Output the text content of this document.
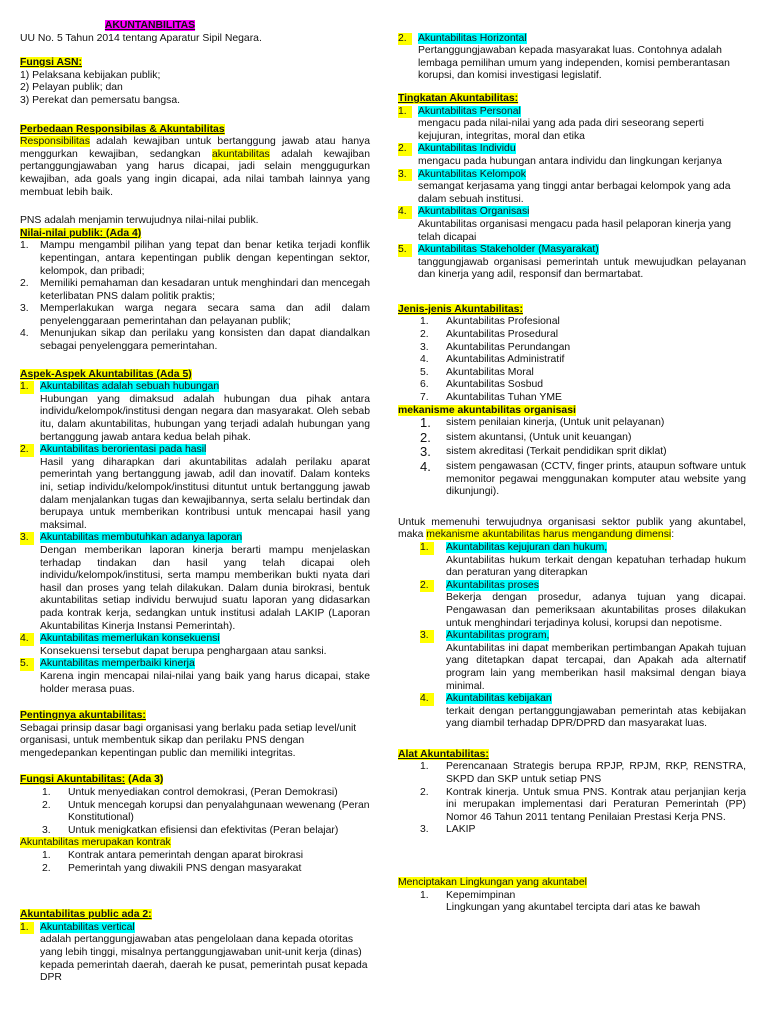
AKUNTANBILITAS

UU No. 5 Tahun 2014 tentang Aparatur Sipil Negara.

Fungsi ASN:

1) Pelaksana kebijakan publik;

2) Pelayan publik; dan

3) Perekat dan pemersatu bangsa.

Perbedaan Responsibilas & Akuntabilitas

Responsibilitas adalah kewajiban untuk bertanggung jawab atau hanya menggurkan kewajiban, sedangkan akuntabilitas adalah kewajiban pertanggungjawaban yang harus dicapai, jadi selain menggugurkan kewajiban, ada goals yang ingin dicapai, ada nilai tambah lainnya yang membuat lebih baik.

PNS adalah menjamin terwujudnya nilai-nilai publik.

Nilai-nilai publik: (Ada 4)

1.	Mampu mengambil pilihan yang tepat dan benar ketika terjadi konflik kepentingan, antara kepentingan publik dengan kepentingan sektor, kelompok, dan pribadi;
2.	Memiliki pemahaman dan kesadaran untuk menghindari dan mencegah keterlibatan PNS dalam politik praktis;
3.	Memperlakukan warga negara secara sama dan adil dalam penyelenggaraan pemerintahan dan pelayanan publik;
4.	Menunjukan sikap dan perilaku yang konsisten dan dapat diandalkan sebagai penyelenggara pemerintahan.

Aspek-Aspek Akuntabilitas (Ada 5)

1.	Akuntabilitas adalah sebuah hubungan
Hubungan yang dimaksud adalah hubungan dua pihak antara individu/kelompok/institusi dengan negara dan masyarakat. Oleh sebab itu, dalam akuntabilitas, hubungan yang terjadi adalah hubungan yang bertanggung jawab antara kedua belah pihak.
2.	Akuntabilitas berorientasi pada hasil
Hasil yang diharapkan dari akuntabilitas adalah perilaku aparat pemerintah yang bertanggung jawab, adil dan inovatif. Dalam konteks ini, setiap individu/kelompok/institusi dituntut untuk bertanggung jawab dalam menjalankan tugas dan kewajibannya, serta selalu bertindak dan berupaya untuk memberikan kontribusi untuk mencapai hasil yang maksimal.
3.	Akuntabilitas membutuhkan adanya laporan
Dengan memberikan laporan kinerja berarti mampu menjelaskan terhadap tindakan dan hasil yang telah dicapai oleh individu/kelompok/institusi, serta mampu memberikan bukti nyata dari hasil dan proses yang telah dilakukan. Dalam dunia birokrasi, bentuk akuntabilitas setiap individu berwujud suatu laporan yang didasarkan pada kontrak kerja, sedangkan untuk institusi adalah LAKIP (Laporan Akuntabilitas Kinerja Instansi Pemerintah).
4.	Akuntabilitas memerlukan konsekuensi
Konsekuensi tersebut dapat berupa penghargaan atau sanksi.
5.	Akuntabilitas memperbaiki kinerja
Karena ingin mencapai nilai-nilai yang baik yang harus dicapai, stake holder merasa puas.

Pentingnya akuntabilitas:

Sebagai prinsip dasar bagi organisasi yang berlaku pada setiap level/unit organisasi, untuk membentuk sikap dan perilaku PNS dengan mengedepankan kepentingan public dan memiliki integritas.

Fungsi Akuntabilitas: (Ada 3)

1.	Untuk menyediakan control demokrasi, (Peran Demokrasi)
2.	Untuk mencegah korupsi dan penyalahgunaan wewenang (Peran Konstitutional)
3.	Untuk menigkatkan efisiensi dan efektivitas (Peran belajar)

Akuntabilitas merupakan kontrak

1.	Kontrak antara pemerintah dengan aparat birokrasi
2.	Pemerintah yang diwakili PNS dengan masyarakat

Akuntabilitas public ada 2:

1.	Akuntabilitas vertical
adalah pertanggungjawaban atas pengelolaan dana kepada otoritas yang lebih tinggi, misalnya pertanggungjawaban unit-unit kerja (dinas) kepada pemerintah daerah, daerah ke pusat, pemerintah pusat kepada DPR

2.	Akuntabilitas Horizontal
Pertanggungjawaban kepada masyarakat luas. Contohnya adalah lembaga pemilihan umum yang independen, komisi pemberantasan korupsi, dan komisi investigasi legislatif.

Tingkatan Akuntabilitas:

1.	Akuntabilitas Personal
mengacu pada nilai-nilai yang ada pada diri seseorang seperti kejujuran, integritas, moral dan etika
2.	Akuntabilitas Individu
mengacu pada hubungan antara individu dan lingkungan kerjanya
3.	Akuntabilitas Kelompok
semangat kerjasama yang tinggi antar berbagai kelompok yang ada dalam sebuah institusi.
4.	Akuntabilitas Organisasi
Akuntabilitas organisasi mengacu pada hasil pelaporan kinerja yang telah dicapai
5.	Akuntabilitas Stakeholder (Masyarakat)

tanggungjawab organisasi pemerintah untuk mewujudkan pelayanan dan kinerja yang adil, responsif dan bermartabat.

Jenis-jenis Akuntabilitas:

1.	Akuntabilitas Profesional
2.	Akuntabilitas Prosedural
3.	Akuntabilitas Perundangan
4.	Akuntabilitas Administratif
5.	Akuntabilitas Moral
6.	Akuntabilitas Sosbud
7.	Akuntabilitas Tuhan YME

mekanisme akuntabilitas organisasi

1.	sistem penilaian kinerja, (Untuk unit pelayanan)
2.	sistem akuntansi, (Untuk unit keuangan)
3.	sistem akreditasi (Terkait pendidikan sprit diklat)
4.	sistem pengawasan (CCTV, finger prints, ataupun software untuk memonitor pegawai menggunakan komputer atau website yang dikunjungi).

Untuk memenuhi terwujudnya organisasi sektor publik yang akuntabel, maka mekanisme akuntabilitas harus mengandung dimensi:

1.	Akuntabilitas kejujuran dan hukum,
Akuntabilitas hukum terkait dengan kepatuhan terhadap hukum dan peraturan yang diterapkan
2.	Akuntabilitas proses
Bekerja dengan prosedur, adanya tujuan yang dicapai. Pengawasan dan pemeriksaan akuntabilitas proses dilakukan untuk menghindari terjadinya kolusi, korupsi dan nepotisme.
3.	Akuntabilitas program,
Akuntabilitas ini dapat memberikan pertimbangan Apakah tujuan yang ditetapkan dapat tercapai, dan Apakah ada alternatif program lain yang memberikan hasil maksimal dengan biaya minimal.
4.	Akuntabilitas kebijakan
terkait dengan pertanggungjawaban pemerintah atas kebijakan yang diambil terhadap DPR/DPRD dan masyarakat luas.

Alat Akuntabilitas:

1.	Perencanaan Strategis berupa RPJP, RPJM, RKP, RENSTRA, SKPD dan SKP untuk setiap PNS
2.	Kontrak kinerja. Untuk smua PNS. Kontrak atau perjanjian kerja ini merupakan implementasi dari Peraturan Pemerintah (PP) Nomor 46 Tahun 2011 tentang Penilaian Prestasi Kerja PNS.
3.	LAKIP

Menciptakan Lingkungan yang akuntabel

1.	Kepemimpinan
Lingkungan yang akuntabel tercipta dari atas ke bawah
